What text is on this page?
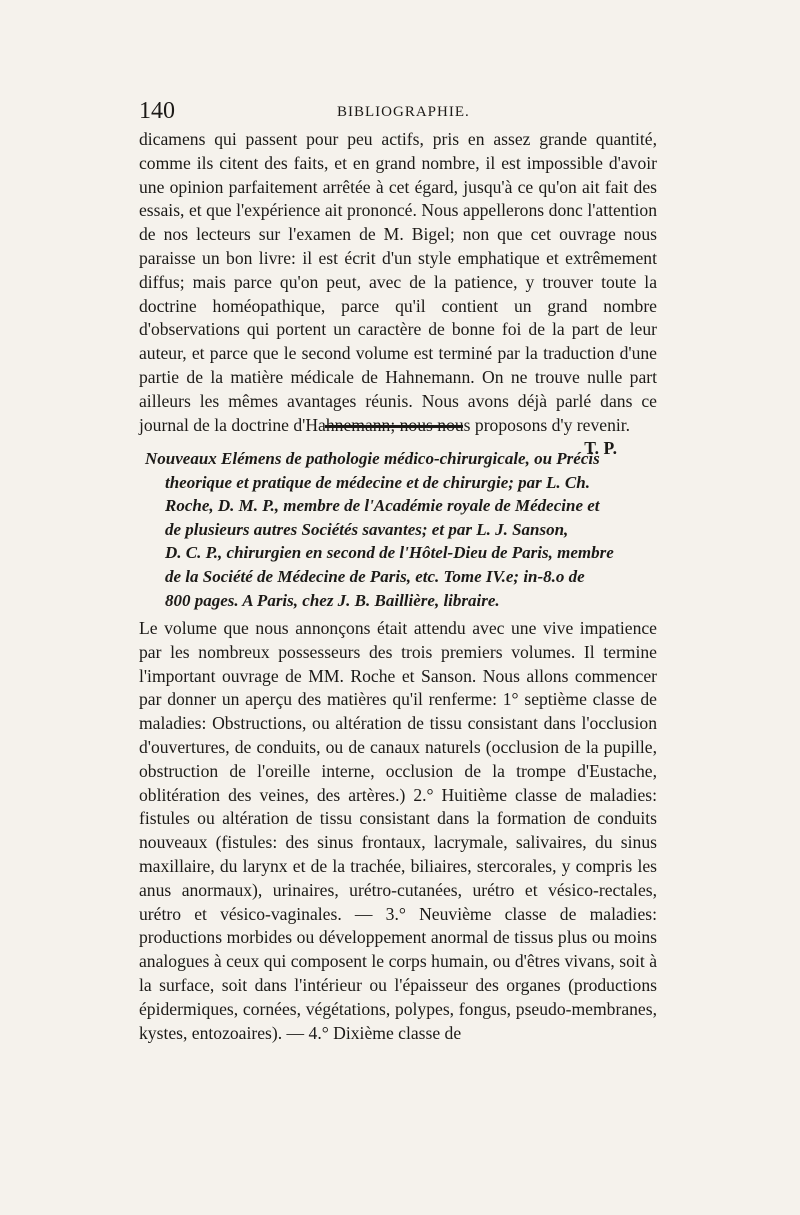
140	BIBLIOGRAPHIE.

dicamens qui passent pour peu actifs, pris en assez grande quantité, comme ils citent des faits, et en grand nombre, il est impossible d'avoir une opinion parfaitement arrêtée à cet égard, jusqu'à ce qu'on ait fait des essais, et que l'expérience ait prononcé. Nous appellerons donc l'attention de nos lecteurs sur l'examen de M. Bigel; non que cet ouvrage nous paraisse un bon livre: il est écrit d'un style emphatique et extrêmement diffus; mais parce qu'on peut, avec de la patience, y trouver toute la doctrine homéopathique, parce qu'il contient un grand nombre d'observations qui portent un caractère de bonne foi de la part de leur auteur, et parce que le second volume est terminé par la traduction d'une partie de la matière médicale de Hahnemann. On ne trouve nulle part ailleurs les mêmes avantages réunis. Nous avons déjà parlé dans ce journal de la doctrine d'Hahnemann; nous nous proposons d'y revenir.
T. P.

Nouveaux Elémens de pathologie médico-chirurgicale, ou Précis
theorique et pratique de médecine et de chirurgie; par L. Ch.
Roche, D. M. P., membre de l'Académie royale de Médecine et
de plusieurs autres Sociétés savantes; et par L. J. Sanson,
D. C. P., chirurgien en second de l'Hôtel-Dieu de Paris, membre
de la Société de Médecine de Paris, etc. Tome IV.e; in-8.o de
800 pages. A Paris, chez J. B. Baillière, libraire.

Le volume que nous annonçons était attendu avec une vive impatience par les nombreux possesseurs des trois premiers volumes. Il termine l'important ouvrage de MM. Roche et Sanson. Nous allons commencer par donner un aperçu des matières qu'il renferme: 1° septième classe de maladies: Obstructions, ou altération de tissu consistant dans l'occlusion d'ouvertures, de conduits, ou de canaux naturels (occlusion de la pupille, obstruction de l'oreille interne, occlusion de la trompe d'Eustache, oblitération des veines, des artères.) 2.° Huitième classe de maladies: fistules ou altération de tissu consistant dans la formation de conduits nouveaux (fistules: des sinus frontaux, lacrymale, salivaires, du sinus maxillaire, du larynx et de la trachée, biliaires, stercorales, y compris les anus anormaux), urinaires, urétro-cutanées, urétro et vésico-rectales, urétro et vésico-vaginales. — 3.° Neuvième classe de maladies: productions morbides ou développement anormal de tissus plus ou moins analogues à ceux qui composent le corps humain, ou d'êtres vivans, soit à la surface, soit dans l'intérieur ou l'épaisseur des organes (productions épidermiques, cornées, végétations, polypes, fongus, pseudo-membranes, kystes, entozoaires). — 4.° Dixième classe de
